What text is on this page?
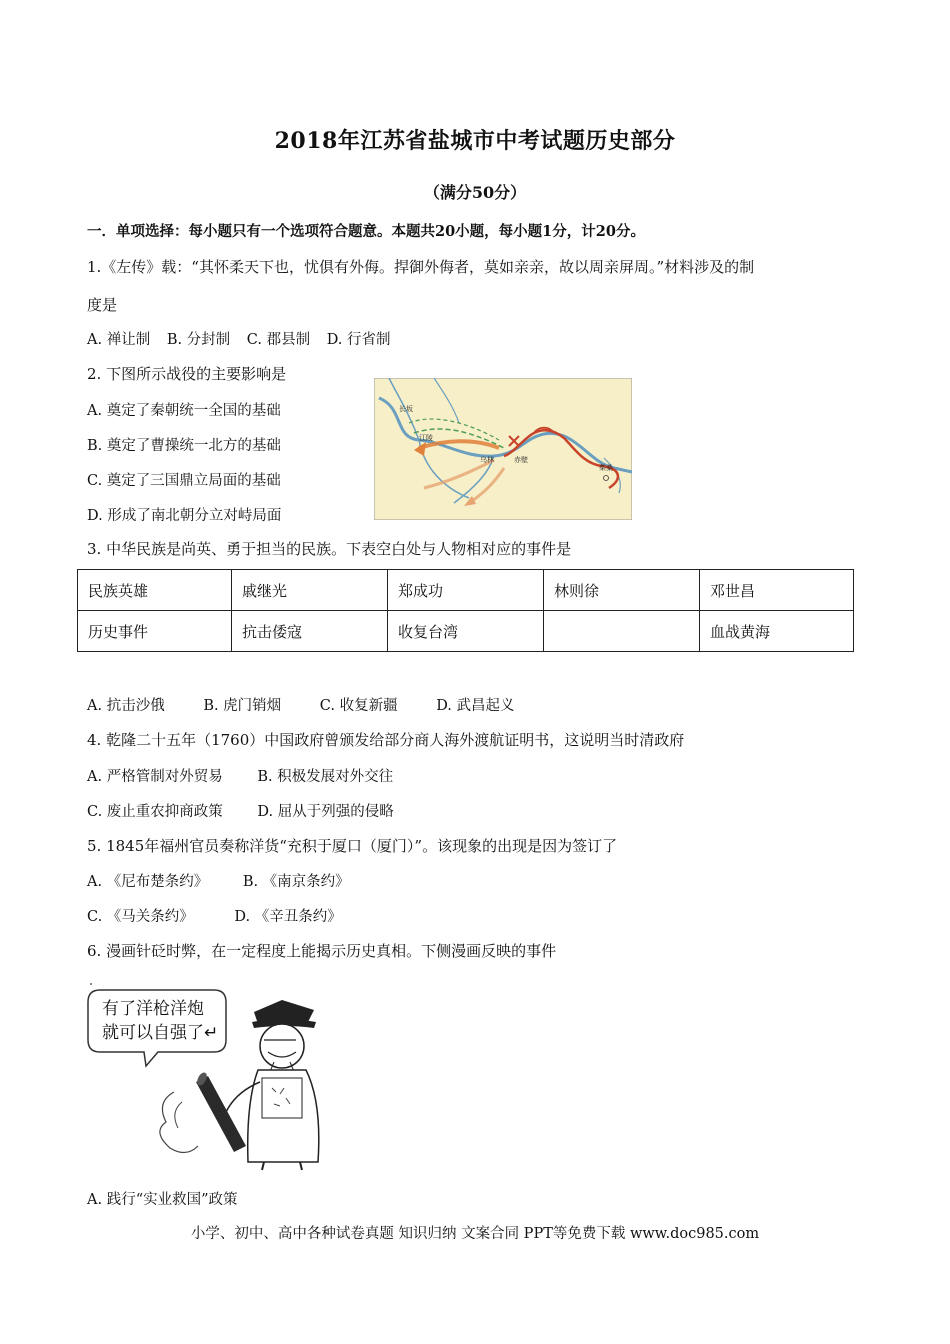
2018年江苏省盐城市中考试题历史部分
（满分50分）
一．单项选择：每小题只有一个选项符合题意。本题共20小题，每小题1分，计20分。
1.《左传》载：“其怀柔天下也，忧俱有外侮。捍御外侮者，莫如亲亲，故以周亲屏周。”材料涉及的制
度是
A. 禅让制 B. 分封制 C. 郡县制 D. 行省制
2. 下图所示战役的主要影响是
A. 奠定了秦朝统一全国的基础
B. 奠定了曹操统一北方的基础
C. 奠定了三国鼎立局面的基础
D. 形成了南北朝分立对峙局面
长坂
江陵
乌林	赤壁
柴桑
3. 中华民族是尚英、勇于担当的民族。下表空白处与人物相对应的事件是
民族英雄	戚继光	郑成功	林则徐	邓世昌
历史事件	抗击倭寇	收复台湾		血战黄海
A. 抗击沙俄	B. 虎门销烟	C. 收复新疆	D. 武昌起义
4. 乾隆二十五年（1760）中国政府曾颁发给部分商人海外渡航证明书，这说明当时清政府
A. 严格管制对外贸易 B. 积极发展对外交往
C. 废止重农抑商政策 D. 屈从于列强的侵略
5. 1845年福州官员奏称洋货“充积于厦口（厦门）”。该现象的出现是因为签订了
A. 《尼布楚条约》 B. 《南京条约》
C. 《马关条约》	D. 《辛丑条约》
6. 漫画针砭时弊，在一定程度上能揭示历史真相。下侧漫画反映的事件
有了洋枪洋炮
就可以自强了↵
A. 践行“实业救国”政策
小学、初中、高中各种试卷真题 知识归纳 文案合同 PPT等免费下载 www.doc985.com
